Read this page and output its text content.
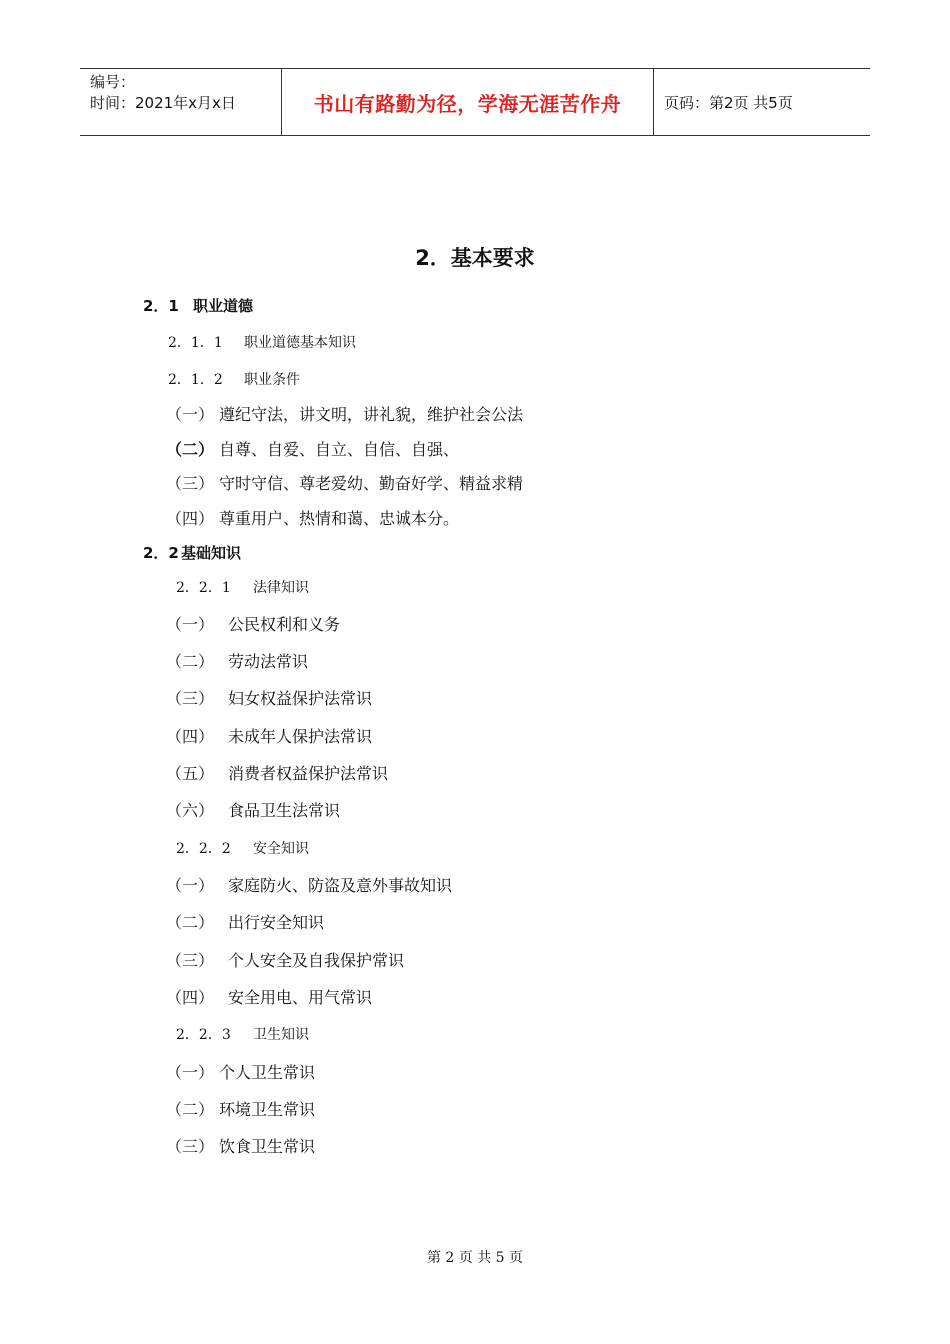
编号：
时间：2021年x月x日	书山有路勤为径，学海无涯苦作舟	页码：第2页 共5页
2．基本要求
2．1 职业道德
2．1．1 职业道德基本知识
2．1．2 职业条件
（一） 遵纪守法，讲文明，讲礼貌，维护社会公法
（二） 自尊、自爱、自立、自信、自强、
（三） 守时守信、尊老爱幼、勤奋好学、精益求精
（四） 尊重用户、热情和蔼、忠诚本分。
2．2 基础知识
2．2．1 法律知识
（一） 公民权利和义务
（二） 劳动法常识
（三） 妇女权益保护法常识
（四） 未成年人保护法常识
（五） 消费者权益保护法常识
（六） 食品卫生法常识
2．2．2 安全知识
（一） 家庭防火、防盗及意外事故知识
（二） 出行安全知识
（三） 个人安全及自我保护常识
（四） 安全用电、用气常识
2．2．3 卫生知识
（一） 个人卫生常识
（二） 环境卫生常识
（三） 饮食卫生常识
第 2 页 共 5 页
